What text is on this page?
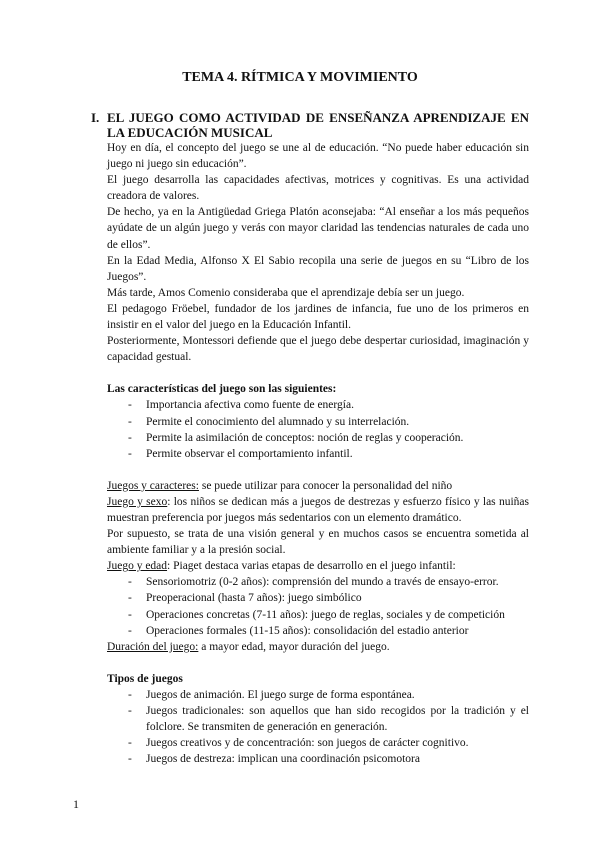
TEMA 4. RÍTMICA Y MOVIMIENTO
I. EL JUEGO COMO ACTIVIDAD DE ENSEÑANZA APRENDIZAJE EN LA EDUCACIÓN MUSICAL

Hoy en día, el concepto del juego se une al de educación. “No puede haber educación sin juego ni juego sin educación”.

El juego desarrolla las capacidades afectivas, motrices y cognitivas. Es una actividad creadora de valores.

De hecho, ya en la Antigüedad Griega Platón aconsejaba: “Al enseñar a los más pequeños ayúdate de un algún juego y verás con mayor claridad las tendencias naturales de cada uno de ellos”.

En la Edad Media, Alfonso X El Sabio recopila una serie de juegos en su “Libro de los Juegos”.

Más tarde, Amos Comenio consideraba que el aprendizaje debía ser un juego.

El pedagogo Fröebel, fundador de los jardines de infancia, fue uno de los primeros en insistir en el valor del juego en la Educación Infantil.

Posteriormente, Montessori defiende que el juego debe despertar curiosidad, imaginación y capacidad gestual.

Las características del juego son las siguientes:
- Importancia afectiva como fuente de energía.
- Permite el conocimiento del alumnado y su interrelación.
- Permite la asimilación de conceptos: noción de reglas y cooperación.
- Permite observar el comportamiento infantil.

Juegos y caracteres: se puede utilizar para conocer la personalidad del niño

Juego y sexo: los niños se dedican más a juegos de destrezas y esfuerzo físico y las nuiñas muestran preferencia por juegos más sedentarios con un elemento dramático.

Por supuesto, se trata de una visión general y en muchos casos se encuentra sometida al ambiente familiar y a la presión social.

Juego y edad: Piaget destaca varias etapas de desarrollo en el juego infantil:

- Sensoriomotriz (0-2 años): comprensión del mundo a través de ensayo-error.
- Preoperacional (hasta 7 años): juego simbólico
- Operaciones concretas (7-11 años): juego de reglas, sociales y de competición
- Operaciones formales (11-15 años): consolidación del estadio anterior

Duración del juego: a mayor edad, mayor duración del juego.

Tipos de juegos
- Juegos de animación. El juego surge de forma espontánea.
- Juegos tradicionales: son aquellos que han sido recogidos por la tradición y el folclore. Se transmiten de generación en generación.
- Juegos creativos y de concentración: son juegos de carácter cognitivo.
- Juegos de destreza: implican una coordinación psicomotora
1
